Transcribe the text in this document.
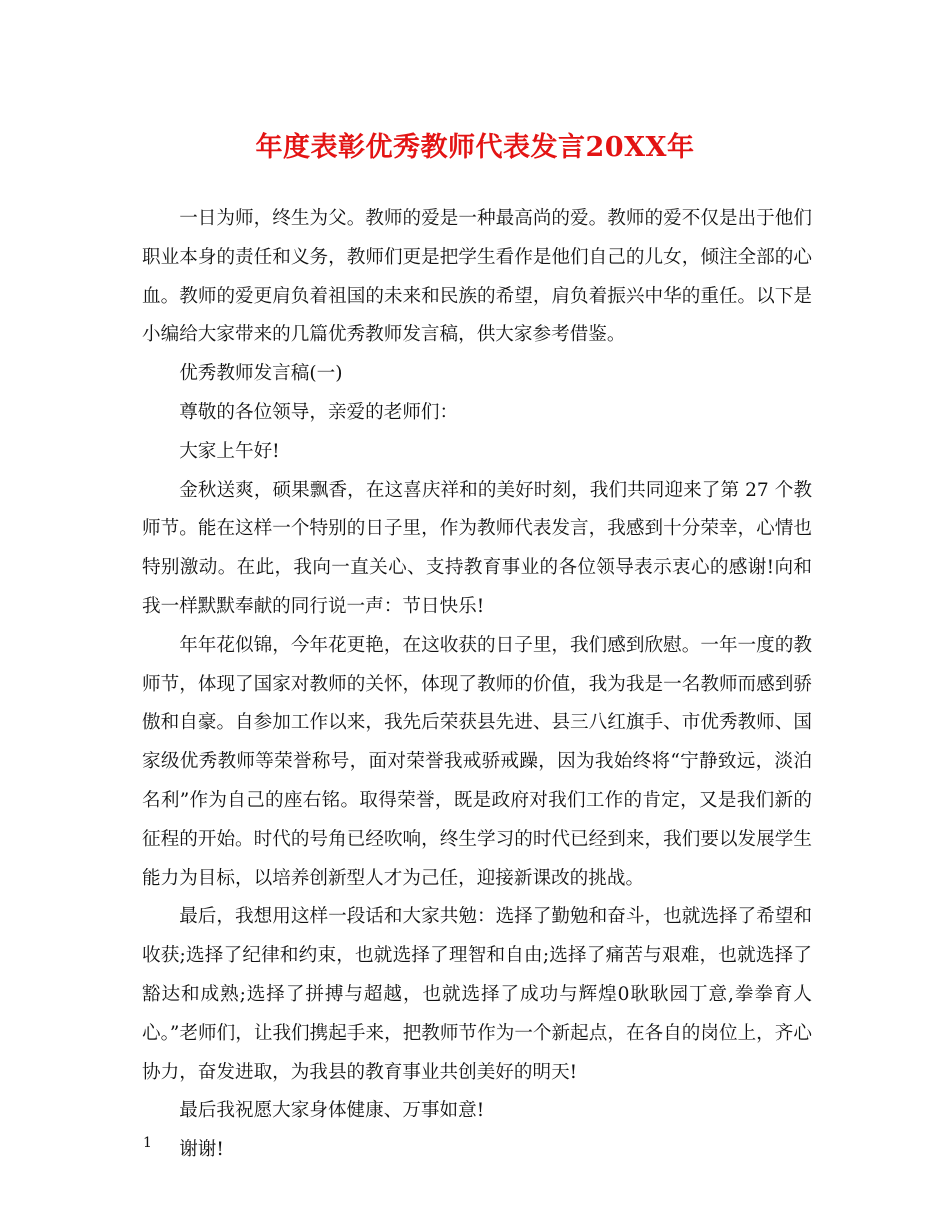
年度表彰优秀教师代表发言20XX年

一日为师，终生为父。教师的爱是一种最高尚的爱。教师的爱不仅是出于他们职业本身的责任和义务，教师们更是把学生看作是他们自己的儿女，倾注全部的心血。教师的爱更肩负着祖国的未来和民族的希望，肩负着振兴中华的重任。以下是小编给大家带来的几篇优秀教师发言稿，供大家参考借鉴。

优秀教师发言稿(一)

尊敬的各位领导，亲爱的老师们：

大家上午好!

金秋送爽，硕果飘香，在这喜庆祥和的美好时刻，我们共同迎来了第 27 个教师节。能在这样一个特别的日子里，作为教师代表发言，我感到十分荣幸，心情也特别激动。在此，我向一直关心、支持教育事业的各位领导表示衷心的感谢!向和我一样默默奉献的同行说一声：节日快乐!

年年花似锦，今年花更艳，在这收获的日子里，我们感到欣慰。一年一度的教师节，体现了国家对教师的关怀，体现了教师的价值，我为我是一名教师而感到骄傲和自豪。自参加工作以来，我先后荣获县先进、县三八红旗手、市优秀教师、国家级优秀教师等荣誉称号，面对荣誉我戒骄戒躁，因为我始终将“宁静致远，淡泊名利”作为自己的座右铭。取得荣誉，既是政府对我们工作的肯定，又是我们新的征程的开始。时代的号角已经吹响，终生学习的时代已经到来，我们要以发展学生能力为目标，以培养创新型人才为己任，迎接新课改的挑战。

最后，我想用这样一段话和大家共勉：选择了勤勉和奋斗，也就选择了希望和收获;选择了纪律和约束，也就选择了理智和自由;选择了痛苦与艰难，也就选择了豁达和成熟;选择了拼搏与超越，也就选择了成功与辉煌0耿耿园丁意,拳拳育人心。”老师们，让我们携起手来，把教师节作为一个新起点，在各自的岗位上，齐心协力，奋发进取，为我县的教育事业共创美好的明天!

最后我祝愿大家身体健康、万事如意!

谢谢!

1
